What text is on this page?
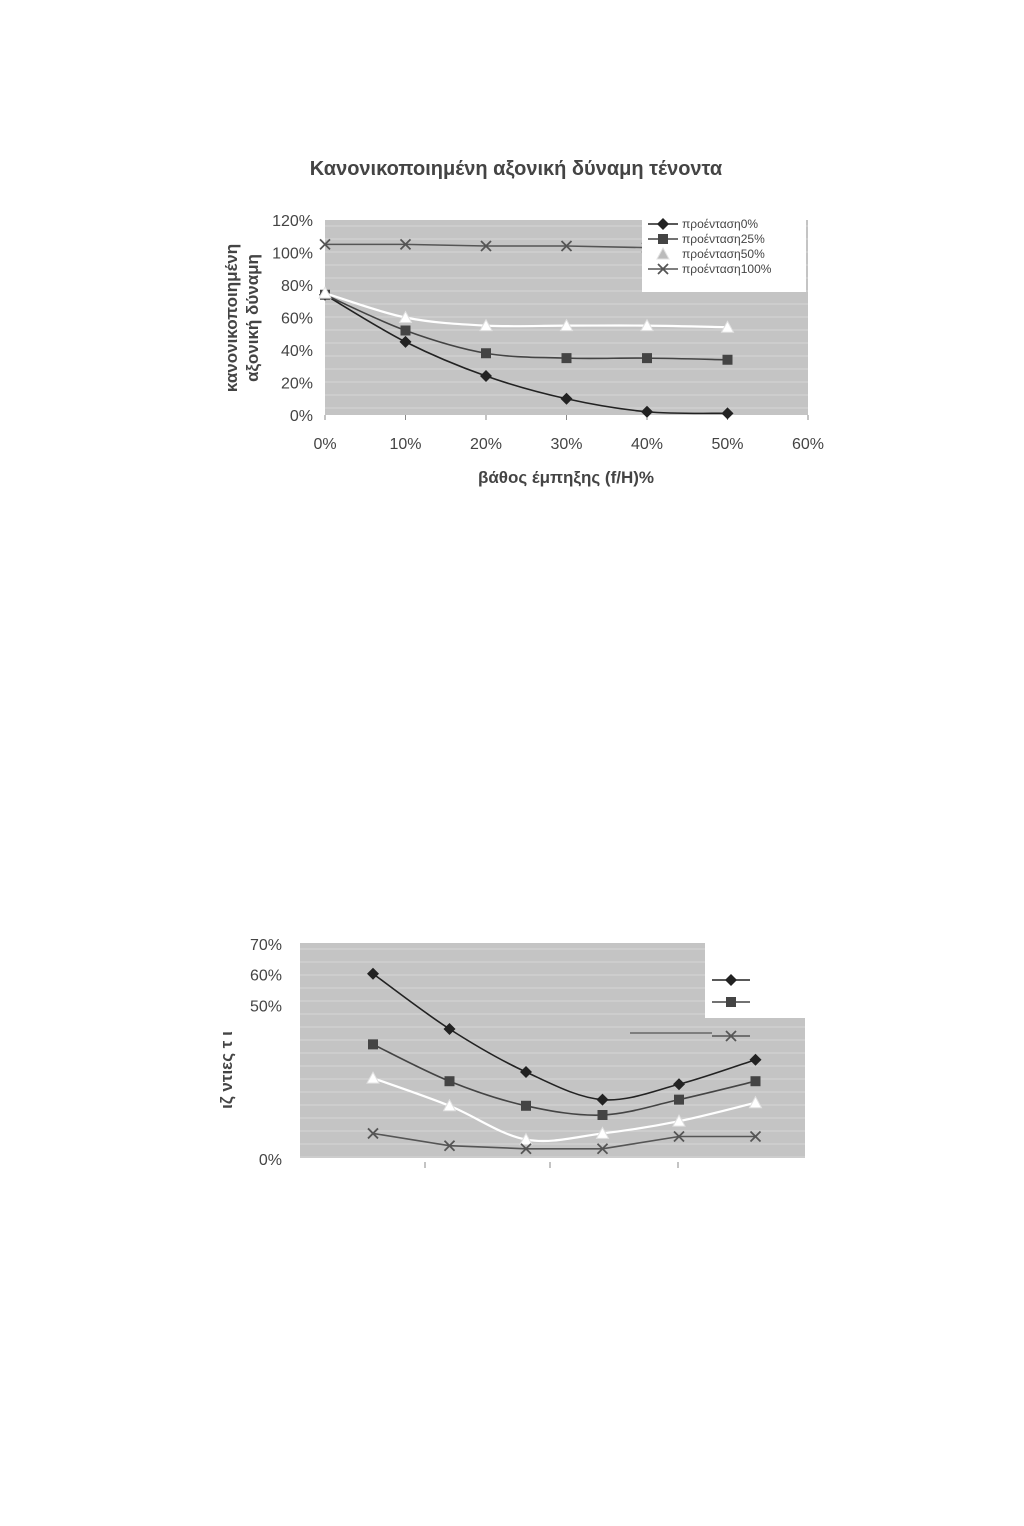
Κανονικοποιημένη αξονική δύναμη τένοντα
0%
20%
40%
60%
80%
100%
120%
0%	10%	20%	30%	40%	50%	60%
βάθος έμπηξης (f/H)%
κανονικοποιημένη αξονική δύναμη
προένταση0%
προένταση25%
προένταση50%
προένταση100%
70%
60%
50%
0%
ιζ ντιες τ ι
